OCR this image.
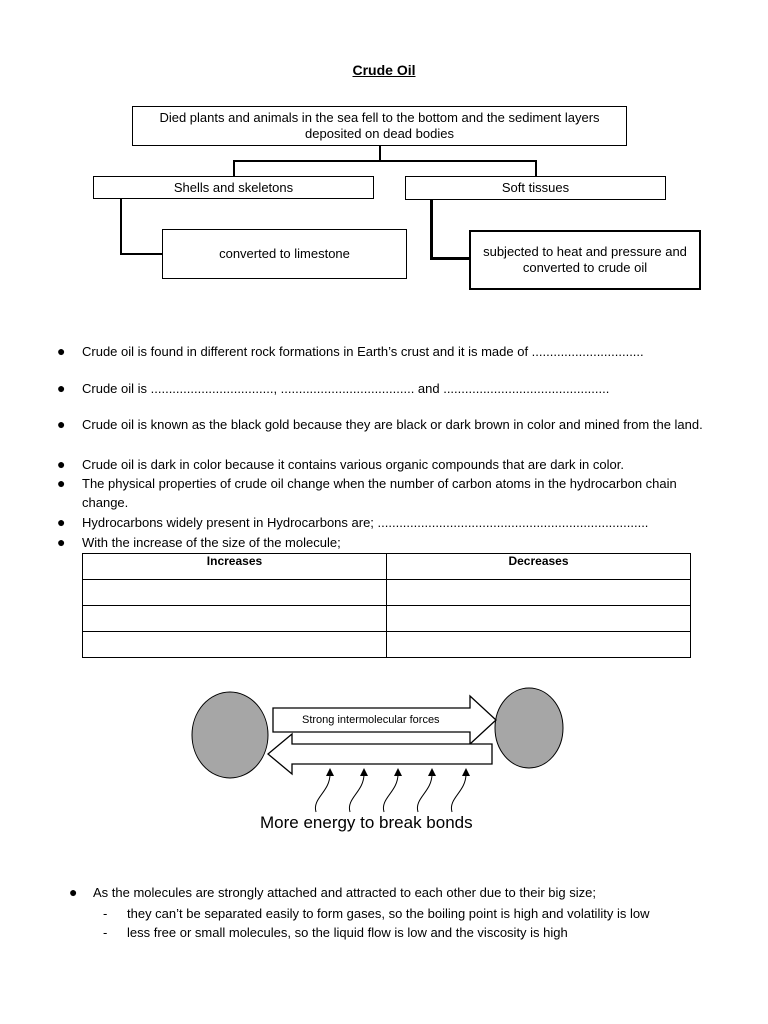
Crude Oil
Died plants and animals in the sea fell to the bottom and the sediment layers deposited on dead bodies
Shells and skeletons	Soft tissues
converted to limestone	subjected to heat and pressure and converted to crude oil
● Crude oil is found in different rock formations in Earth’s crust and it is made of ...............................
● Crude oil is .................................., ..................................... and ..............................................
● Crude oil is known as the black gold because they are black or dark brown in color and mined from the land.
● Crude oil is dark in color because it contains various organic compounds that are dark in color.
● The physical properties of crude oil change when the number of carbon atoms in the hydrocarbon chain change.
● Hydrocarbons widely present in Hydrocarbons are; ...........................................................................
● With the increase of the size of the molecule;
Increases	Decreases

Strong intermolecular forces
More energy to break bonds
● As the molecules are strongly attached and attracted to each other due to their big size;
- they can’t be separated easily to form gases, so the boiling point is high and volatility is low
- less free or small molecules, so the liquid flow is low and the viscosity is high
